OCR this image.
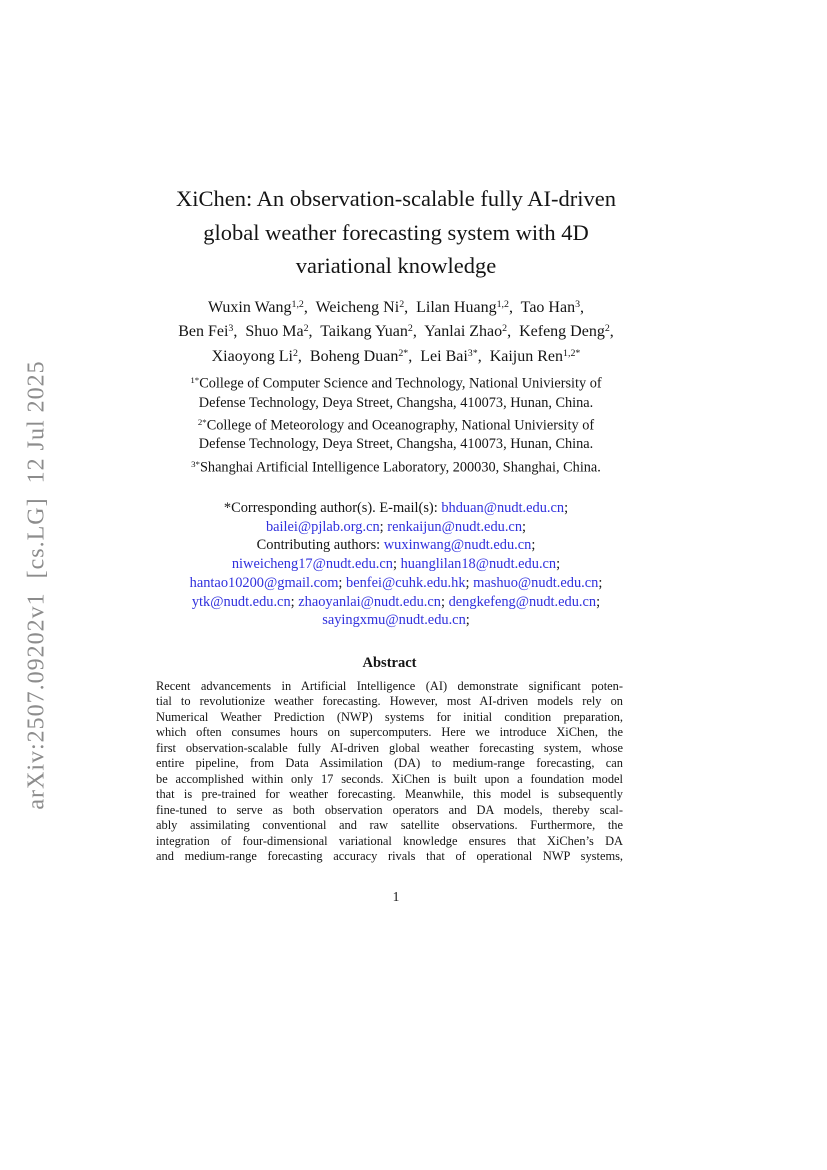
arXiv:2507.09202v1  [cs.LG]  12 Jul 2025
XiChen: An observation-scalable fully AI-driven
global weather forecasting system with 4D
variational knowledge
Wuxin Wang$^{1,2}$,  Weicheng Ni$^2$,  Lilan Huang$^{1,2}$,  Tao Han$^3$,
Ben Fei$^3$,  Shuo Ma$^2$,  Taikang Yuan$^2$,  Yanlai Zhao$^2$,  Kefeng Deng$^2$,
Xiaoyong Li$^2$,  Boheng Duan$^{2*}$,  Lei Bai$^{3*}$,  Kaijun Ren$^{1,2*}$
$^{1*}$College of Computer Science and Technology, National Univiersity of
Defense Technology, Deya Street, Changsha, 410073, Hunan, China.
$^{2*}$College of Meteorology and Oceanography, National Univiersity of
Defense Technology, Deya Street, Changsha, 410073, Hunan, China.
$^{3*}$Shanghai Artificial Intelligence Laboratory, 200030, Shanghai, China.
*Corresponding author(s). E-mail(s): bhduan@nudt.edu.cn;
bailei@pjlab.org.cn; renkaijun@nudt.edu.cn;
Contributing authors: wuxinwang@nudt.edu.cn;
niweicheng17@nudt.edu.cn; huanglilan18@nudt.edu.cn;
hantao10200@gmail.com; benfei@cuhk.edu.hk; mashuo@nudt.edu.cn;
ytk@nudt.edu.cn; zhaoyanlai@nudt.edu.cn; dengkefeng@nudt.edu.cn;
sayingxmu@nudt.edu.cn;
Abstract
Recent advancements in Artificial Intelligence (AI) demonstrate significant poten-
tial to revolutionize weather forecasting. However, most AI-driven models rely on
Numerical Weather Prediction (NWP) systems for initial condition preparation,
which often consumes hours on supercomputers. Here we introduce XiChen, the
first observation-scalable fully AI-driven global weather forecasting system, whose
entire pipeline, from Data Assimilation (DA) to medium-range forecasting, can
be accomplished within only 17 seconds. XiChen is built upon a foundation model
that is pre-trained for weather forecasting. Meanwhile, this model is subsequently
fine-tuned to serve as both observation operators and DA models, thereby scal-
ably assimilating conventional and raw satellite observations. Furthermore, the
integration of four-dimensional variational knowledge ensures that XiChen’s DA
and medium-range forecasting accuracy rivals that of operational NWP systems,
1
